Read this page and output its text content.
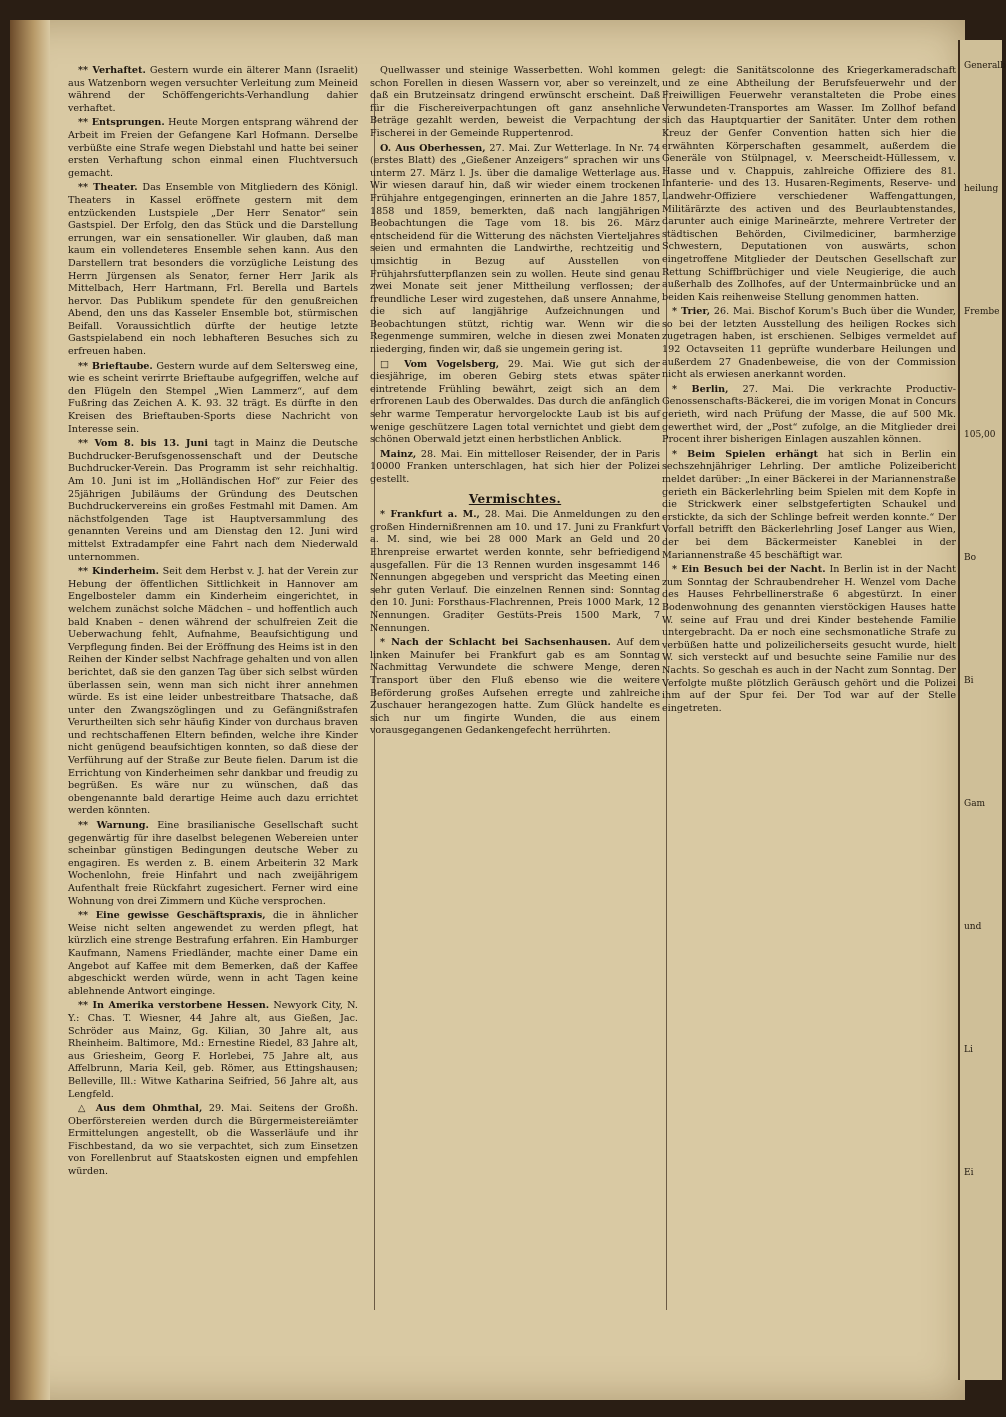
Generalb
heilung
Frembe
105,00
Bo
Bi
Gam
und
Li
Ei

** Verhaftet. Gestern wurde ein älterer Mann (Israelit) aus Watzenborn wegen versuchter Verleitung zum Meineid während der Schöffengerichts-Verhandlung dahier verhaftet.

** Entsprungen. Heute Morgen entsprang während der Arbeit im Freien der Gefangene Karl Hofmann. Derselbe verbüßte eine Strafe wegen Diebstahl und hatte bei seiner ersten Verhaftung schon einmal einen Fluchtversuch gemacht.

** Theater. Das Ensemble von Mitgliedern des Königl. Theaters in Kassel eröffnete gestern mit dem entzückenden Lustspiele „Der Herr Senator“ sein Gastspiel. Der Erfolg, den das Stück und die Darstellung errungen, war ein sensationeller. Wir glauben, daß man kaum ein vollendeteres Ensemble sehen kann. Aus den Darstellern trat besonders die vorzügliche Leistung des Herrn Jürgensen als Senator, ferner Herr Jarik als Mittelbach, Herr Hartmann, Frl. Berella und Bartels hervor. Das Publikum spendete für den genußreichen Abend, den uns das Kasseler Ensemble bot, stürmischen Beifall. Voraussichtlich dürfte der heutige letzte Gastspielabend ein noch lebhafteren Besuches sich zu erfreuen haben.

** Brieftaube. Gestern wurde auf dem Seltersweg eine, wie es scheint verirrte Brieftaube aufgegriffen, welche auf den Flügeln den Stempel „Wien Lammerz“, auf dem Fußring das Zeichen A. K. 93. 32 trägt. Es dürfte in den Kreisen des Brieftauben-Sports diese Nachricht von Interesse sein.

** Vom 8. bis 13. Juni tagt in Mainz die Deutsche Buchdrucker-Berufsgenossenschaft und der Deutsche Buchdrucker-Verein. Das Programm ist sehr reichhaltig. Am 10. Juni ist im „Holländischen Hof“ zur Feier des 25jährigen Jubiläums der Gründung des Deutschen Buchdruckervereins ein großes Festmahl mit Damen. Am nächstfolgenden Tage ist Hauptversammlung des genannten Vereins und am Dienstag den 12. Juni wird mittelst Extradampfer eine Fahrt nach dem Niederwald unternommen.

** Kinderheim. Seit dem Herbst v. J. hat der Verein zur Hebung der öffentlichen Sittlichkeit in Hannover am Engelbosteler damm ein Kinderheim eingerichtet, in welchem zunächst solche Mädchen – und hoffentlich auch bald Knaben – denen während der schulfreien Zeit die Ueberwachung fehlt, Aufnahme, Beaufsichtigung und Verpflegung finden. Bei der Eröffnung des Heims ist in den Reihen der Kinder selbst Nachfrage gehalten und von allen berichtet, daß sie den ganzen Tag über sich selbst würden überlassen sein, wenn man sich nicht ihrer annehmen würde. Es ist eine leider unbestreitbare Thatsache, daß unter den Zwangszöglingen und zu Gefängnißstrafen Verurtheilten sich sehr häufig Kinder von durchaus braven und rechtschaffenen Eltern befinden, welche ihre Kinder nicht genügend beaufsichtigen konnten, so daß diese der Verführung auf der Straße zur Beute fielen. Darum ist die Errichtung von Kinderheimen sehr dankbar und freudig zu begrüßen. Es wäre nur zu wünschen, daß das obengenannte bald derartige Heime auch dazu errichtet werden könnten.

** Warnung. Eine brasilianische Gesellschaft sucht gegenwärtig für ihre daselbst belegenen Webereien unter scheinbar günstigen Bedingungen deutsche Weber zu engagiren. Es werden z. B. einem Arbeiterin 32 Mark Wochenlohn, freie Hinfahrt und nach zweijährigem Aufenthalt freie Rückfahrt zugesichert. Ferner wird eine Wohnung von drei Zimmern und Küche versprochen.

** Eine gewisse Geschäftspraxis, die in ähnlicher Weise nicht selten angewendet zu werden pflegt, hat kürzlich eine strenge Bestrafung erfahren. Ein Hamburger Kaufmann, Namens Friedländer, machte einer Dame ein Angebot auf Kaffee mit dem Bemerken, daß der Kaffee abgeschickt werden würde, wenn in acht Tagen keine ablehnende Antwort einginge.

** In Amerika verstorbene Hessen. Newyork City, N. Y.: Chas. T. Wiesner, 44 Jahre alt, aus Gießen, Jac. Schröder aus Mainz, Gg. Kilian, 30 Jahre alt, aus Rheinheim. Baltimore, Md.: Ernestine Riedel, 83 Jahre alt, aus Griesheim, Georg F. Horlebei, 75 Jahre alt, aus Affelbrunn, Maria Keil, geb. Römer, aus Ettingshausen; Belleville, Ill.: Witwe Katharina Seifried, 56 Jahre alt, aus Lengfeld.

△ Aus dem Ohmthal, 29. Mai. Seitens der Großh. Oberförstereien werden durch die Bürgermeistereiämter Ermittelungen angestellt, ob die Wasserläufe und ihr Fischbestand, da wo sie verpachtet, sich zum Einsetzen von Forellenbrut auf Staatskosten eignen und empfehlen würden.

Quellwasser und steinige Wasserbetten. Wohl kommen schon Forellen in diesen Wassern vor, aber so vereinzelt, daß ein Brutzeinsatz dringend erwünscht erscheint. Daß für die Fischereiverpachtungen oft ganz ansehnliche Beträge gezahlt werden, beweist die Verpachtung der Fischerei in der Gemeinde Ruppertenrod.

O. Aus Oberhessen, 27. Mai. Zur Wetterlage. In Nr. 74 (erstes Blatt) des „Gießener Anzeigers“ sprachen wir uns unterm 27. März l. Js. über die damalige Wetterlage aus. Wir wiesen darauf hin, daß wir wieder einem trockenen Frühjahre entgegengingen, erinnerten an die Jahre 1857, 1858 und 1859, bemerkten, daß nach langjährigen Beobachtungen die Tage vom 18. bis 26. März entscheidend für die Witterung des nächsten Vierteljahres seien und ermahnten die Landwirthe, rechtzeitig und umsichtig in Bezug auf Ausstellen von Frühjahrsfutterpflanzen sein zu wollen. Heute sind genau zwei Monate seit jener Mittheilung verflossen; der freundliche Leser wird zugestehen, daß unsere Annahme, die sich auf langjährige Aufzeichnungen und Beobachtungen stützt, richtig war. Wenn wir die Regenmenge summiren, welche in diesen zwei Monaten niederging, finden wir, daß sie ungemein gering ist.

□ Vom Vogelsberg, 29. Mai. Wie gut sich der diesjährige, im oberen Gebirg stets etwas später eintretende Frühling bewährt, zeigt sich an dem erfrorenen Laub des Oberwaldes. Das durch die anfänglich sehr warme Temperatur hervorgelockte Laub ist bis auf wenige geschützere Lagen total vernichtet und giebt dem schönen Oberwald jetzt einen herbstlichen Anblick.

Mainz, 28. Mai. Ein mittelloser Reisender, der in Paris 10000 Franken unterschlagen, hat sich hier der Polizei gestellt.

Vermischtes.

* Frankfurt a. M., 28. Mai. Die Anmeldungen zu den großen Hindernißrennen am 10. und 17. Juni zu Frankfurt a. M. sind, wie bei 28 000 Mark an Geld und 20 Ehrenpreise erwartet werden konnte, sehr befriedigend ausgefallen. Für die 13 Rennen wurden insgesammt 146 Nennungen abgegeben und verspricht das Meeting einen sehr guten Verlauf. Die einzelnen Rennen sind: Sonntag den 10. Juni: Forsthaus-Flachrennen, Preis 1000 Mark, 12 Nennungen. Gradițer Gestüts-Preis 1500 Mark, 7 Nennungen.

* Nach der Schlacht bei Sachsenhausen. Auf dem linken Mainufer bei Frankfurt gab es am Sonntag Nachmittag Verwundete die schwere Menge, deren Transport über den Fluß ebenso wie die weitere Beförderung großes Aufsehen erregte und zahlreiche Zuschauer herangezogen hatte. Zum Glück handelte es sich nur um fingirte Wunden, die aus einem vorausgegangenen Gedankengefecht herrührten.

gelegt: die Sanitätscolonne des Kriegerkameradschaft und ze eine Abtheilung der Berufsfeuerwehr und der Freiwilligen Feuerwehr veranstalteten die Probe eines Verwundeten-Transportes am Wasser. Im Zollhof befand sich das Hauptquartier der Sanitäter. Unter dem rothen Kreuz der Genfer Convention hatten sich hier die erwähnten Körperschaften gesammelt, außerdem die Generäle von Stülpnagel, v. Meerscheidt-Hüllessem, v. Hasse und v. Chappuis, zahlreiche Offiziere des 81. Infanterie- und des 13. Husaren-Regiments, Reserve- und Landwehr-Offiziere verschiedener Waffengattungen, Militärärzte des activen und des Beurlaubtenstandes, darunter auch einige Marineärzte, mehrere Vertreter der städtischen Behörden, Civilmediciner, barmherzige Schwestern, Deputationen von auswärts, schon eingetroffene Mitglieder der Deutschen Gesellschaft zur Rettung Schiffbrüchiger und viele Neugierige, die auch außerhalb des Zollhofes, auf der Untermainbrücke und an beiden Kais reihenweise Stellung genommen hatten.

* Trier, 26. Mai. Bischof Korum's Buch über die Wunder, so bei der letzten Ausstellung des heiligen Rockes sich zugetragen haben, ist erschienen. Selbiges vermeldet auf 192 Octavseiten 11 geprüfte wunderbare Heilungen und außerdem 27 Gnadenbeweise, die von der Commission nicht als erwiesen anerkannt worden.

* Berlin, 27. Mai. Die verkrachte Productiv-Genossenschafts-Bäckerei, die im vorigen Monat in Concurs gerieth, wird nach Prüfung der Masse, die auf 500 Mk. gewerthet wird, der „Post“ zufolge, an die Mitglieder drei Procent ihrer bisherigen Einlagen auszahlen können.

* Beim Spielen erhängt hat sich in Berlin ein sechszehnjähriger Lehrling. Der amtliche Polizeibericht meldet darüber: „In einer Bäckerei in der Mariannenstraße gerieth ein Bäckerlehrling beim Spielen mit dem Kopfe in die Strickwerk einer selbstgefertigten Schaukel und erstickte, da sich der Schlinge befreit werden konnte.“ Der Vorfall betrifft den Bäckerlehrling Josef Langer aus Wien, der bei dem Bäckermeister Kaneblei in der Mariannenstraße 45 beschäftigt war.

* Ein Besuch bei der Nacht. In Berlin ist in der Nacht zum Sonntag der Schraubendreher H. Wenzel vom Dache des Hauses Fehrbellinerstraße 6 abgestürzt. In einer Bodenwohnung des genannten vierstöckigen Hauses hatte W. seine auf Frau und drei Kinder bestehende Familie untergebracht. Da er noch eine sechsmonatliche Strafe zu verbüßen hatte und polizeilicherseits gesucht wurde, hielt W. sich versteckt auf und besuchte seine Familie nur des Nachts. So geschah es auch in der Nacht zum Sonntag. Der Verfolgte mußte plötzlich Geräusch gehört und die Polizei ihm auf der Spur fei. Der Tod war auf der Stelle eingetreten.
